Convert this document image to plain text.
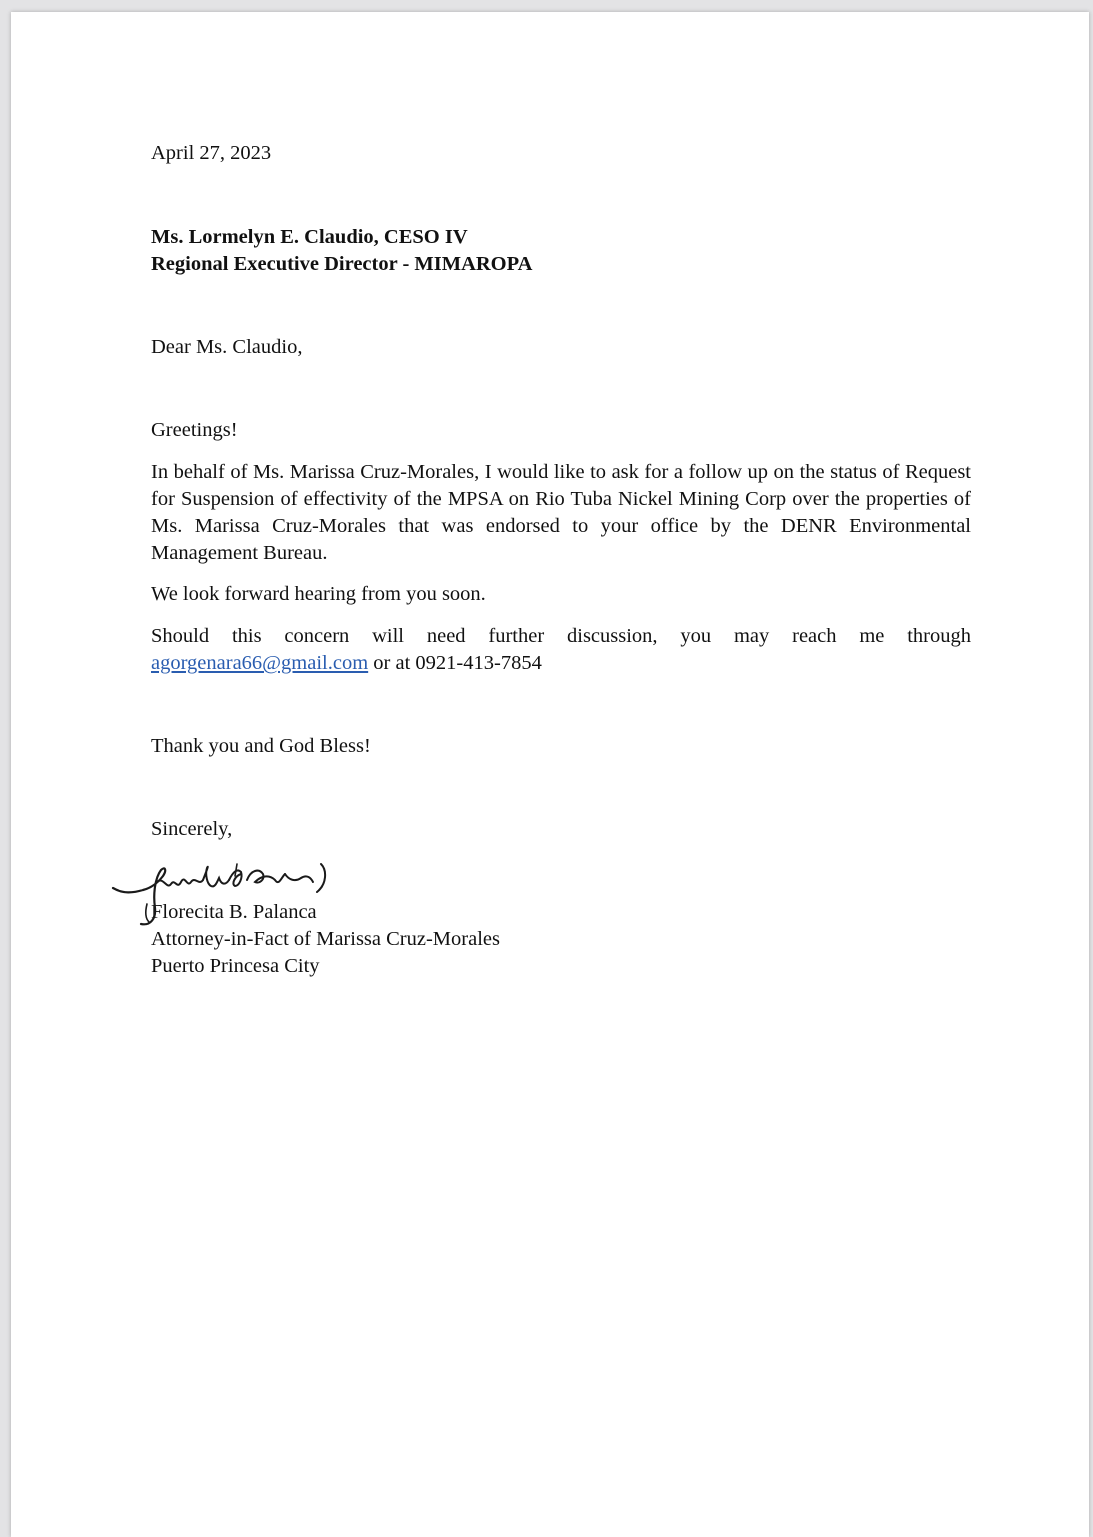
April 27, 2023
Ms. Lormelyn E. Claudio, CESO IV
Regional Executive Director - MIMAROPA
Dear Ms. Claudio,
Greetings!
In behalf of Ms. Marissa Cruz-Morales, I would like to ask for a follow up on the status of Request for Suspension of effectivity of the MPSA on Rio Tuba Nickel Mining Corp over the properties of Ms. Marissa Cruz-Morales that was endorsed to your office by the DENR Environmental Management Bureau.
We look forward hearing from you soon.
Should this concern will need further discussion, you may reach me through
agorgenara66@gmail.com or at 0921-413-7854
Thank you and God Bless!
Sincerely,
Florecita B. Palanca
Attorney-in-Fact of Marissa Cruz-Morales
Puerto Princesa City
